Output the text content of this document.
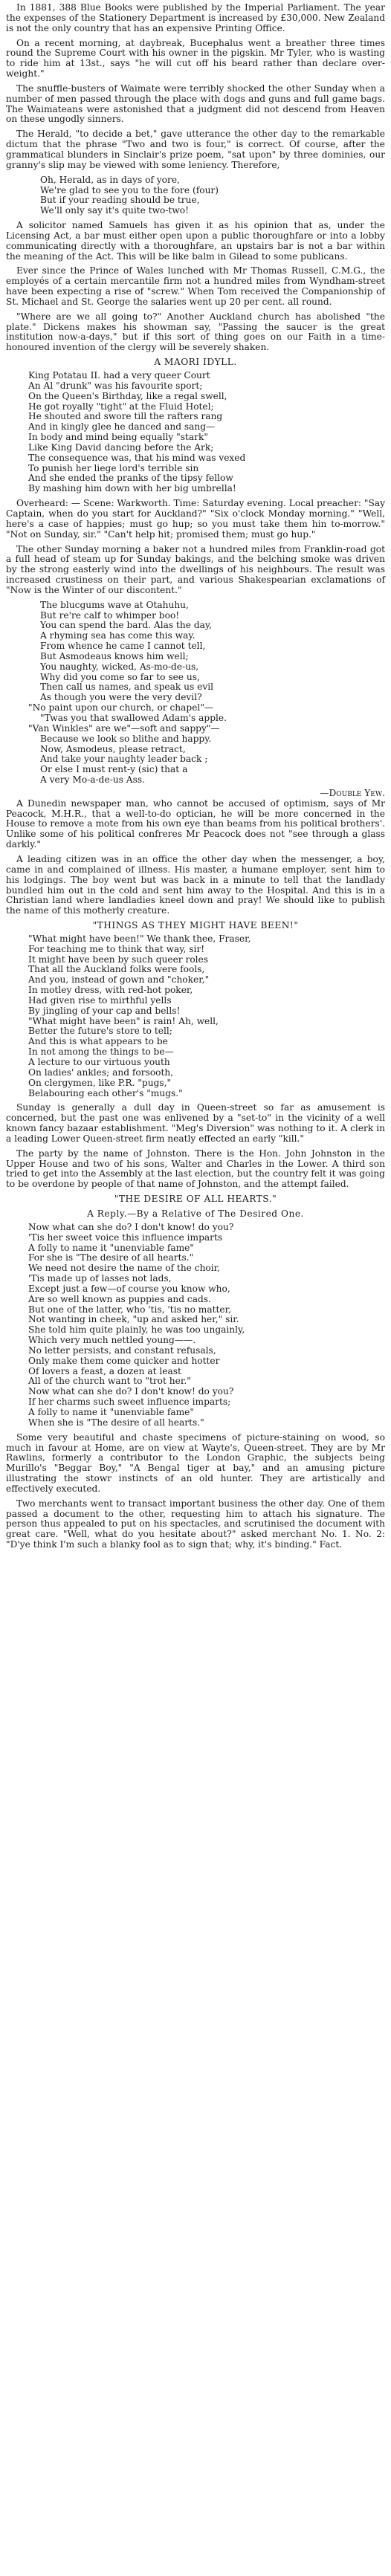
In 1881, 388 Blue Books were published by the Imperial Parliament. The year the expenses of the Stationery Department is increased by £30,000. New Zealand is not the only country that has an expensive Printing Office.

On a recent morning, at daybreak, Bucephalus went a breather three times round the Supreme Court with his owner in the pigskin. Mr Tyler, who is wasting to ride him at 13st., says "he will cut off his beard rather than declare over-weight."

The snuffle-busters of Waimate were terribly shocked the other Sunday when a number of men passed through the place with dogs and guns and full game bags. The Waimateans were astonished that a judgment did not descend from Heaven on these ungodly sinners.

The Herald, "to decide a bet," gave utterance the other day to the remarkable dictum that the phrase "Two and two is four," is correct. Of course, after the grammatical blunders in Sinclair's prize poem, "sat upon" by three dominies, our granny's slip may be viewed with some leniency. Therefore,

Oh, Herald, as in days of yore,
We're glad to see you to the fore (four)
But if your reading should be true,
We'll only say it's quite two-two!

A solicitor named Samuels has given it as his opinion that as, under the Licensing Act, a bar must either open upon a public thoroughfare or into a lobby communicating directly with a thoroughfare, an upstairs bar is not a bar within the meaning of the Act. This will be like balm in Gilead to some publicans.

Ever since the Prince of Wales lunched with Mr Thomas Russell, C.M.G., the employés of a certain mercantile firm not a hundred miles from Wyndham-street have been expecting a rise of "screw." When Tom received the Companionship of St. Michael and St. George the salaries went up 20 per cent. all round.

"Where are we all going to?" Another Auckland church has abolished "the plate." Dickens makes his showman say, "Passing the saucer is the great institution now-a-days," but if this sort of thing goes on our Faith in a time-honoured invention of the clergy will be severely shaken.

A MAORI IDYLL.
King Potatau II. had a very queer Court
An Al "drunk" was his favourite sport;
On the Queen's Birthday, like a regal swell,
He got royally "tight" at the Fluid Hotel;
He shouted and swore till the rafters rang
And in kingly glee he danced and sang—
In body and mind being equally "stark"
Like King David dancing before the Ark;
The consequence was, that his mind was vexed
To punish her liege lord's terrible sin
And she ended the pranks of the tipsy fellow
By mashing him down with her big umbrella!

Overheard: — Scene: Warkworth. Time: Saturday evening. Local preacher: "Say Captain, when do you start for Auckland?" "Six o'clock Monday morning." "Well, here's a case of happies; must go hup; so you must take them hin to-morrow." "Not on Sunday, sir." "Can't help hit; promised them; must go hup."

The other Sunday morning a baker not a hundred miles from Franklin-road got a full head of steam up for Sunday bakings, and the belching smoke was driven by the strong easterly wind into the dwellings of his neighbours. The result was increased crustiness on their part, and various Shakespearian exclamations of "Now is the Winter of our discontent."

The blucgums wave at Otahuhu,
But re're calf to whimper boo!
You can spend the bard. Alas the day,
A rhyming sea has come this way.
From whence he came I cannot tell,
But Asmodeaus knows him well;
You naughty, wicked, As-mo-de-us,
Why did you come so far to see us,
Then call us names, and speak us evil
As though you were the very devil?
"No paint upon our church, or chapel"—
"Twas you that swallowed Adam's apple.
"Van Winkles" are we"—soft and sappy"—
Because we look so blithe and happy.
Now, Asmodeus, please retract,
And take your naughty leader back ;
Or else I must rent-y (sic) that a
A very Mo-a-de-us Ass.
—Double Yew.

A Dunedin newspaper man, who cannot be accused of optimism, says of Mr Peacock, M.H.R., that a well-to-do optician, he will be more concerned in the House to remove a mote from his own eye than beams from his political brothers'. Unlike some of his political confreres Mr Peacock does not "see through a glass darkly."

A leading citizen was in an office the other day when the messenger, a boy, came in and complained of illness. His master, a humane employer, sent him to his lodgings. The boy went but was back in a minute to tell that the landlady bundled him out in the cold and sent him away to the Hospital. And this is in a Christian land where landladies kneel down and pray! We should like to publish the name of this motherly creature.

"THINGS AS THEY MIGHT HAVE BEEN!"
"What might have been!" We thank thee, Fraser,
For teaching me to think that way, sir!
It might have been by such queer roles
That all the Auckland folks were fools,
And you, instead of gown and "choker,"
In motley dress, with red-hot poker,
Had given rise to mirthful yells
By jingling of your cap and bells!
"What might have been" is rain! Ah, well,
Better the future's store to tell;
And this is what appears to be
In not among the things to be—
A lecture to our virtuous youth
On ladies' ankles; and forsooth,
On clergymen, like P.R. "pugs,"
Belabouring each other's "mugs."

Sunday is generally a dull day in Queen-street so far as amusement is concerned, but the past one was enlivened by a "set-to" in the vicinity of a well known fancy bazaar establishment. "Meg's Diversion" was nothing to it. A clerk in a leading Lower Queen-street firm neatly effected an early "kill."

The party by the name of Johnston. There is the Hon. John Johnston in the Upper House and two of his sons, Walter and Charles in the Lower. A third son tried to get into the Assembly at the last election, but the country felt it was going to be overdone by people of that name of Johnston, and the attempt failed.

"THE DESIRE OF ALL HEARTS."
A Reply.—By a Relative of The Desired One.
Now what can she do? I don't know! do you?
'Tis her sweet voice this influence imparts
A folly to name it "unenviable fame"
For she is "The desire of all hearts."
We need not desire the name of the choir,
'Tis made up of lasses not lads,
Except just a few—of course you know who,
Are so well known as puppies and cads.
But one of the latter, who 'tis, 'tis no matter,
Not wanting in cheek, "up and asked her," sir.
She told him quite plainly, he was too ungainly,
Which very much nettled young——.
No letter persists, and constant refusals,
Only make them come quicker and hotter
Of lovers a feast, a dozen at least
All of the church want to "trot her."
Now what can she do? I don't know! do you?
If her charms such sweet influence imparts;
A folly to name it "unenviable fame"
When she is "The desire of all hearts."

Some very beautiful and chaste specimens of picture-staining on wood, so much in favour at Home, are on view at Wayte's, Queen-street. They are by Mr Rawlins, formerly a contributor to the London Graphic, the subjects being Murillo's "Beggar Boy," "A Bengal tiger at bay," and an amusing picture illustrating the stowr instincts of an old hunter. They are artistically and effectively executed.

Two merchants went to transact important business the other day. One of them passed a document to the other, requesting him to attach his signature. The person thus appealed to put on his spectacles, and scrutinised the document with great care. "Well, what do you hesitate about?" asked merchant No. 1. No. 2: "D'ye think I'm such a blanky fool as to sign that; why, it's binding." Fact.
